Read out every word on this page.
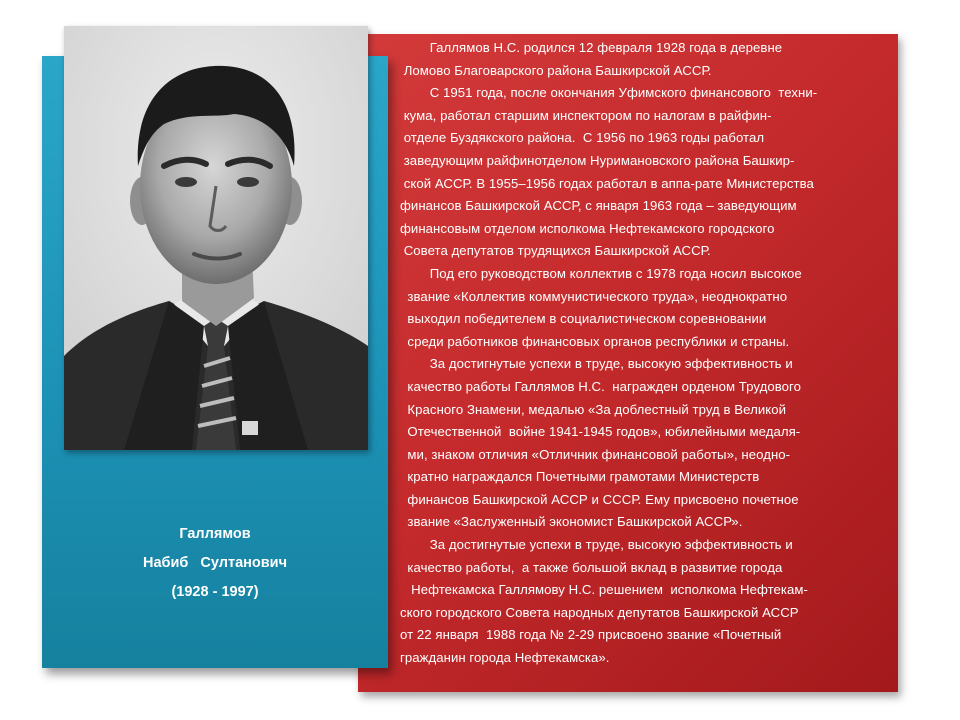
Галлямов
Набиб   Султанович
(1928 - 1997)
Галлямов Н.С. родился 12 февраля 1928 года в деревне
Ломово Благоварского района Башкирской АССР.
С 1951 года, после окончания Уфимского финансового  техни-
кума, работал старшим инспектором по налогам в райфин-
отделе Буздякского района.  С 1956 по 1963 годы работал
заведующим райфинотделом Нуримановского района Башкир-
ской АССР. В 1955–1956 годах работал в аппа-рате Министерства
финансов Башкирской АССР, с января 1963 года – заведующим
финансовым отделом исполкома Нефтекамского городского
Совета депутатов трудящихся Башкирской АССР.
Под его руководством коллектив с 1978 года носил высокое
звание «Коллектив коммунистического труда», неоднократно
выходил победителем в социалистическом соревновании
среди работников финансовых органов республики и страны.
За достигнутые успехи в труде, высокую эффективность и
качество работы Галлямов Н.С.  награжден орденом Трудового
Красного Знамени, медалью «За доблестный труд в Великой
Отечественной  войне 1941-1945 годов», юбилейными медаля-
ми, знаком отличия «Отличник финансовой работы», неодно-
кратно награждался Почетными грамотами Министерств
финансов Башкирской АССР и СССР. Ему присвоено почетное
звание «Заслуженный экономист Башкирской АССР».
За достигнутые успехи в труде, высокую эффективность и
качество работы,  а также большой вклад в развитие города
Нефтекамска Галлямову Н.С. решением  исполкома Нефтекам-
ского городского Совета народных депутатов Башкирской АССР
от 22 января  1988 года № 2-29 присвоено звание «Почетный
гражданин города Нефтекамска».
